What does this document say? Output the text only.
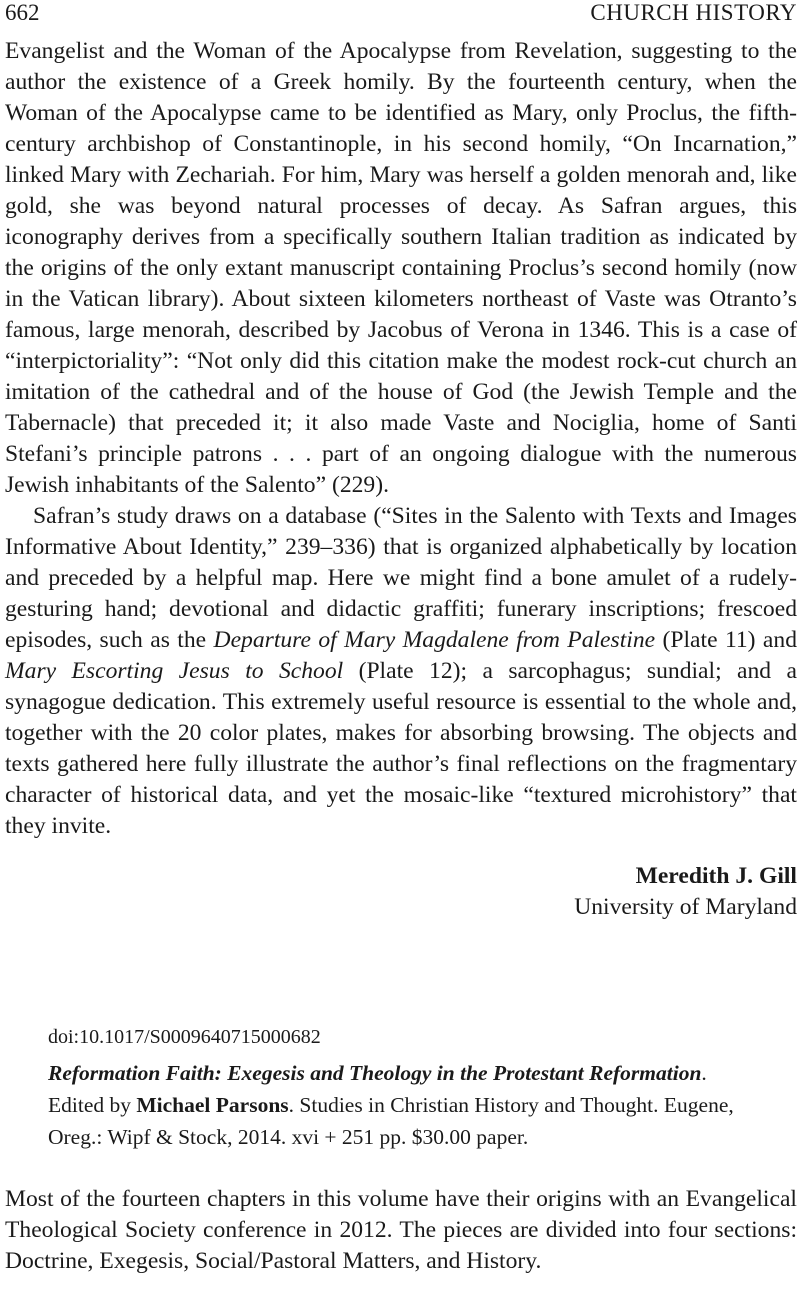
662	CHURCH HISTORY

Evangelist and the Woman of the Apocalypse from Revelation, suggesting to the author the existence of a Greek homily. By the fourteenth century, when the Woman of the Apocalypse came to be identified as Mary, only Proclus, the fifth-century archbishop of Constantinople, in his second homily, “On Incarnation,” linked Mary with Zechariah. For him, Mary was herself a golden menorah and, like gold, she was beyond natural processes of decay. As Safran argues, this iconography derives from a specifically southern Italian tradition as indicated by the origins of the only extant manuscript containing Proclus’s second homily (now in the Vatican library). About sixteen kilometers northeast of Vaste was Otranto’s famous, large menorah, described by Jacobus of Verona in 1346. This is a case of “interpictoriality”: “Not only did this citation make the modest rock-cut church an imitation of the cathedral and of the house of God (the Jewish Temple and the Tabernacle) that preceded it; it also made Vaste and Nociglia, home of Santi Stefani’s principle patrons . . . part of an ongoing dialogue with the numerous Jewish inhabitants of the Salento” (229).

Safran’s study draws on a database (“Sites in the Salento with Texts and Images Informative About Identity,” 239–336) that is organized alphabetically by location and preceded by a helpful map. Here we might find a bone amulet of a rudely-gesturing hand; devotional and didactic graffiti; funerary inscriptions; frescoed episodes, such as the Departure of Mary Magdalene from Palestine (Plate 11) and Mary Escorting Jesus to School (Plate 12); a sarcophagus; sundial; and a synagogue dedication. This extremely useful resource is essential to the whole and, together with the 20 color plates, makes for absorbing browsing. The objects and texts gathered here fully illustrate the author’s final reflections on the fragmentary character of historical data, and yet the mosaic-like “textured microhistory” that they invite.

Meredith J. Gill
University of Maryland
doi:10.1017/S0009640715000682
Reformation Faith: Exegesis and Theology in the Protestant Reformation. Edited by Michael Parsons. Studies in Christian History and Thought. Eugene, Oreg.: Wipf & Stock, 2014. xvi + 251 pp. $30.00 paper.

Most of the fourteen chapters in this volume have their origins with an Evangelical Theological Society conference in 2012. The pieces are divided into four sections: Doctrine, Exegesis, Social/Pastoral Matters, and History.
